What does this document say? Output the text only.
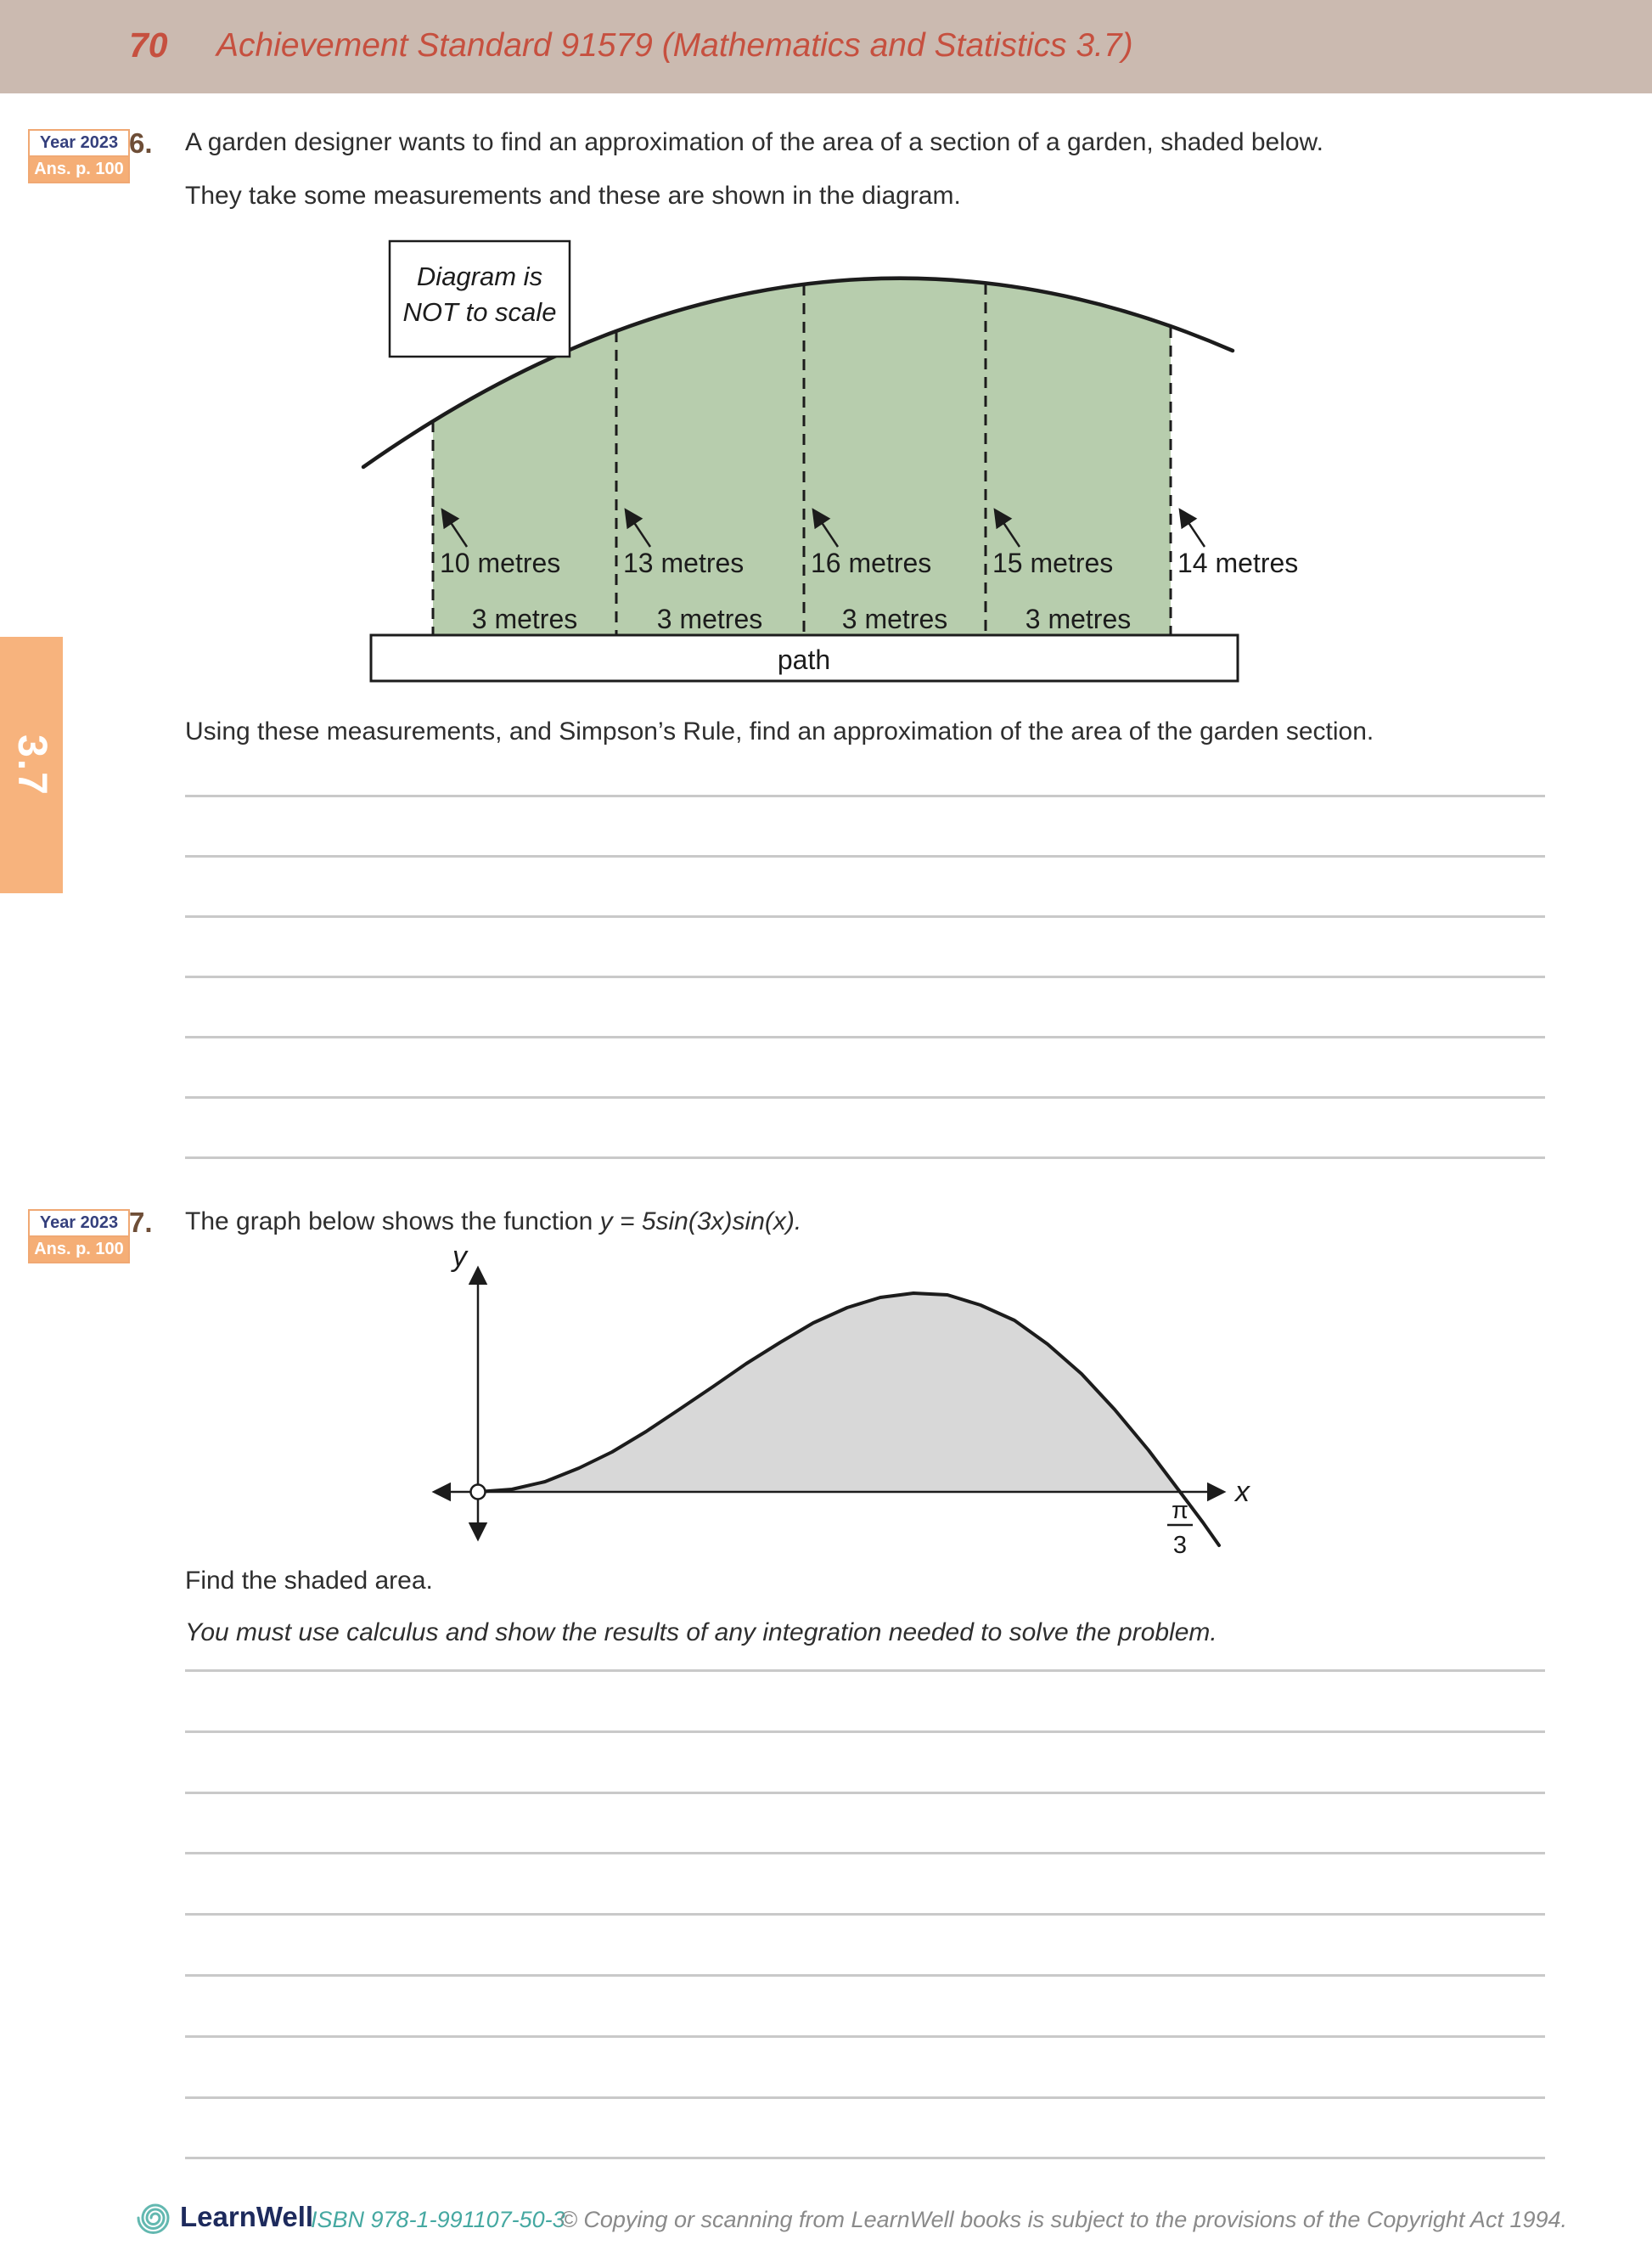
70 Achievement Standard 91579 (Mathematics and Statistics 3.7)
Year 2023
Ans. p. 100
6. A garden designer wants to find an approximation of the area of a section of a garden, shaded below.
They take some measurements and these are shown in the diagram.
10 metres 13 metres 16 metres 15 metres 14 metres
3 metres	3 metres	3 metres	3 metres
path
Diagram is
NOT to scale
Using these measurements, and Simpson’s Rule, find an approximation of the area of the garden section.
3.7
Year 2023
Ans. p. 100
7. The graph below shows the function y = 5sin(3x)sin(x).
y
x
π
3
Find the shaded area.
You must use calculus and show the results of any integration needed to solve the problem.
LearnWell
ISBN 978-1-991107-50-3
© Copying or scanning from LearnWell books is subject to the provisions of the Copyright Act 1994.
